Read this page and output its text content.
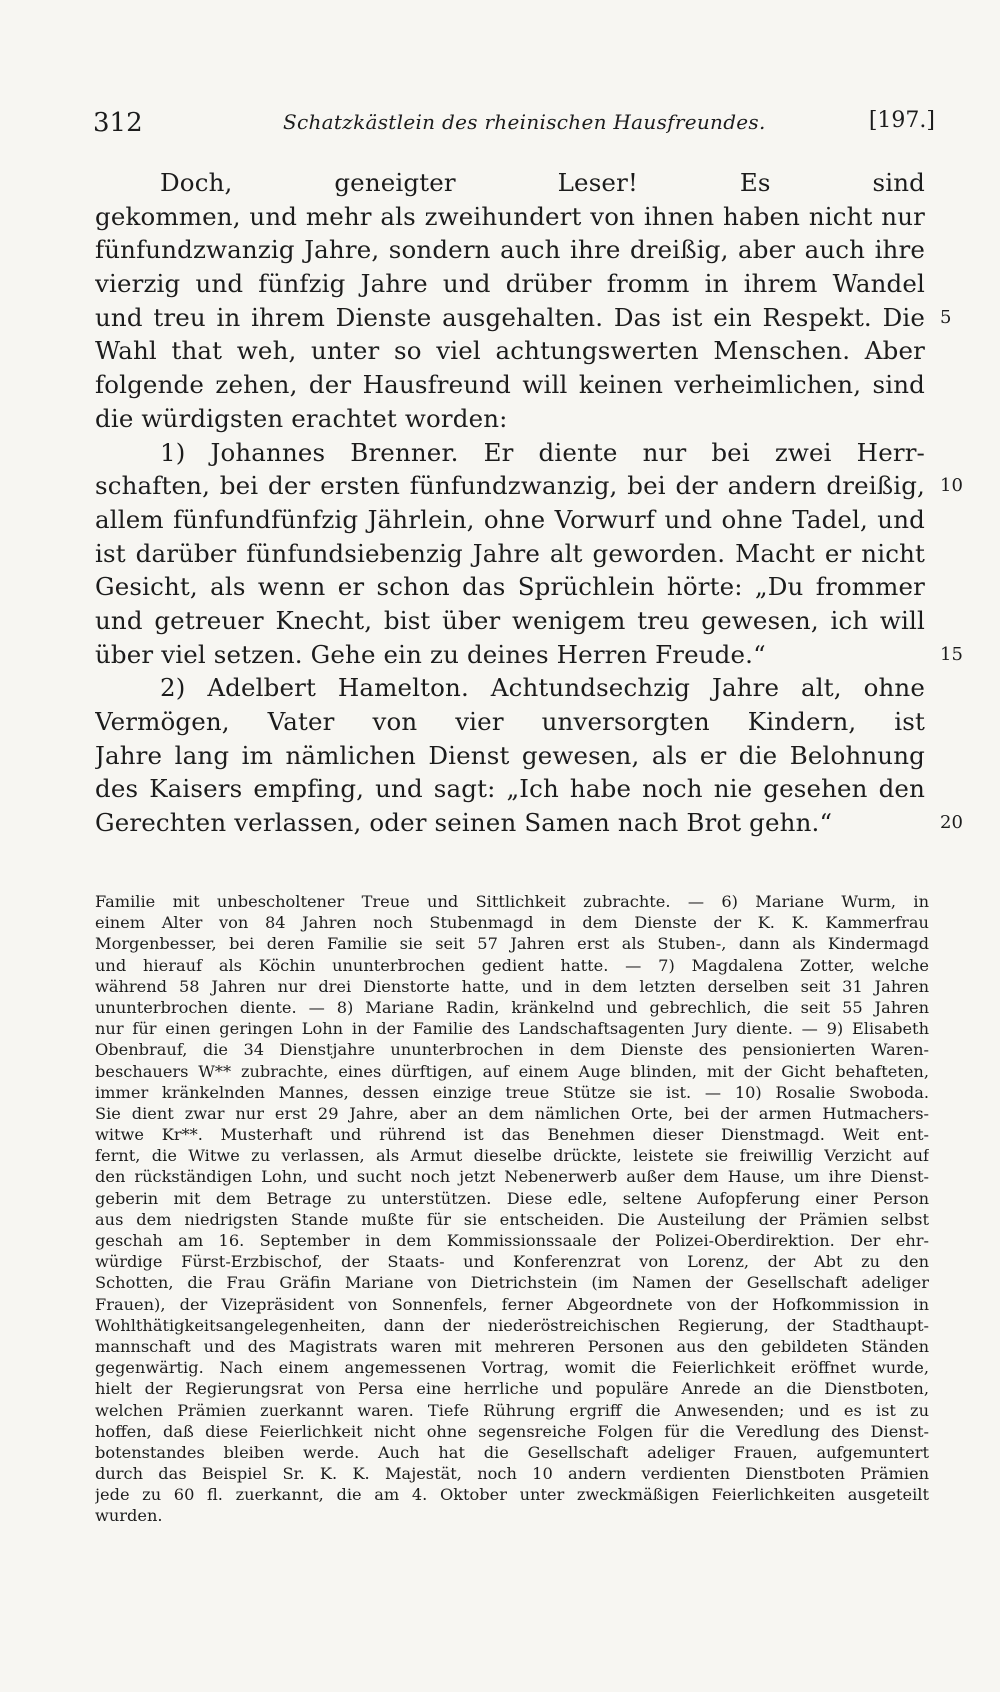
312	Schatzkästlein des rheinischen Hausfreundes.	[197.]
Doch, geneigter Leser! Es sind
gekommen, und mehr als zweihundert von ihnen haben nicht nur
fünfundzwanzig Jahre, sondern auch ihre dreißig, aber auch ihre
vierzig und fünfzig Jahre und drüber fromm in ihrem Wandel
und treu in ihrem Dienste ausgehalten. Das ist ein Respekt. Die 5
Wahl that weh, unter so viel achtungswerten Menschen. Aber
folgende zehen, der Hausfreund will keinen verheimlichen, sind
die würdigsten erachtet worden:
1) Johannes Brenner. Er diente nur bei zwei Herr-
schaften, bei der ersten fünfundzwanzig, bei der andern dreißig, 10
allem fünfundfünfzig Jährlein, ohne Vorwurf und ohne Tadel, und
ist darüber fünfundsiebenzig Jahre alt geworden. Macht er nicht
Gesicht, als wenn er schon das Sprüchlein hörte: „Du frommer
und getreuer Knecht, bist über wenigem treu gewesen, ich will
über viel setzen. Gehe ein zu deines Herren Freude.“	15
2) Adelbert Hamelton. Achtundsechzig Jahre alt, ohne
Vermögen, Vater von vier unversorgten Kindern, ist
Jahre lang im nämlichen Dienst gewesen, als er die Belohnung
des Kaisers empfing, und sagt: „Ich habe noch nie gesehen den
Gerechten verlassen, oder seinen Samen nach Brot gehn.“	20
Familie mit unbescholtener Treue und Sittlichkeit zubrachte. — 6) Mariane Wurm, in
einem Alter von 84 Jahren noch Stubenmagd in dem Dienste der K. K. Kammerfrau
Morgenbesser, bei deren Familie sie seit 57 Jahren erst als Stuben-, dann als Kindermagd
und hierauf als Köchin ununterbrochen gedient hatte. — 7) Magdalena Zotter, welche
während 58 Jahren nur drei Dienstorte hatte, und in dem letzten derselben seit 31 Jahren
ununterbrochen diente. — 8) Mariane Radin, kränkelnd und gebrechlich, die seit 55 Jahren
nur für einen geringen Lohn in der Familie des Landschaftsagenten Jury diente. — 9) Elisabeth
Obenbrauf, die 34 Dienstjahre ununterbrochen in dem Dienste des pensionierten Waren-
beschauers W** zubrachte, eines dürftigen, auf einem Auge blinden, mit der Gicht behafteten,
immer kränkelnden Mannes, dessen einzige treue Stütze sie ist. — 10) Rosalie Swoboda.
Sie dient zwar nur erst 29 Jahre, aber an dem nämlichen Orte, bei der armen Hutmachers-
witwe Kr**. Musterhaft und rührend ist das Benehmen dieser Dienstmagd. Weit ent-
fernt, die Witwe zu verlassen, als Armut dieselbe drückte, leistete sie freiwillig Verzicht auf
den rückständigen Lohn, und sucht noch jetzt Nebenerwerb außer dem Hause, um ihre Dienst-
geberin mit dem Betrage zu unterstützen. Diese edle, seltene Aufopferung einer Person
aus dem niedrigsten Stande mußte für sie entscheiden. Die Austeilung der Prämien selbst
geschah am 16. September in dem Kommissionssaale der Polizei-Oberdirektion. Der ehr-
würdige Fürst-Erzbischof, der Staats- und Konferenzrat von Lorenz, der Abt zu den
Schotten, die Frau Gräfin Mariane von Dietrichstein (im Namen der Gesellschaft adeliger
Frauen), der Vizepräsident von Sonnenfels, ferner Abgeordnete von der Hofkommission in
Wohlthätigkeitsangelegenheiten, dann der niederöstreichischen Regierung, der Stadthaupt-
mannschaft und des Magistrats waren mit mehreren Personen aus den gebildeten Ständen
gegenwärtig. Nach einem angemessenen Vortrag, womit die Feierlichkeit eröffnet wurde,
hielt der Regierungsrat von Persa eine herrliche und populäre Anrede an die Dienstboten,
welchen Prämien zuerkannt waren. Tiefe Rührung ergriff die Anwesenden; und es ist zu
hoffen, daß diese Feierlichkeit nicht ohne segensreiche Folgen für die Veredlung des Dienst-
botenstandes bleiben werde. Auch hat die Gesellschaft adeliger Frauen, aufgemuntert
durch das Beispiel Sr. K. K. Majestät, noch 10 andern verdienten Dienstboten Prämien
jede zu 60 fl. zuerkannt, die am 4. Oktober unter zweckmäßigen Feierlichkeiten ausgeteilt
wurden.
